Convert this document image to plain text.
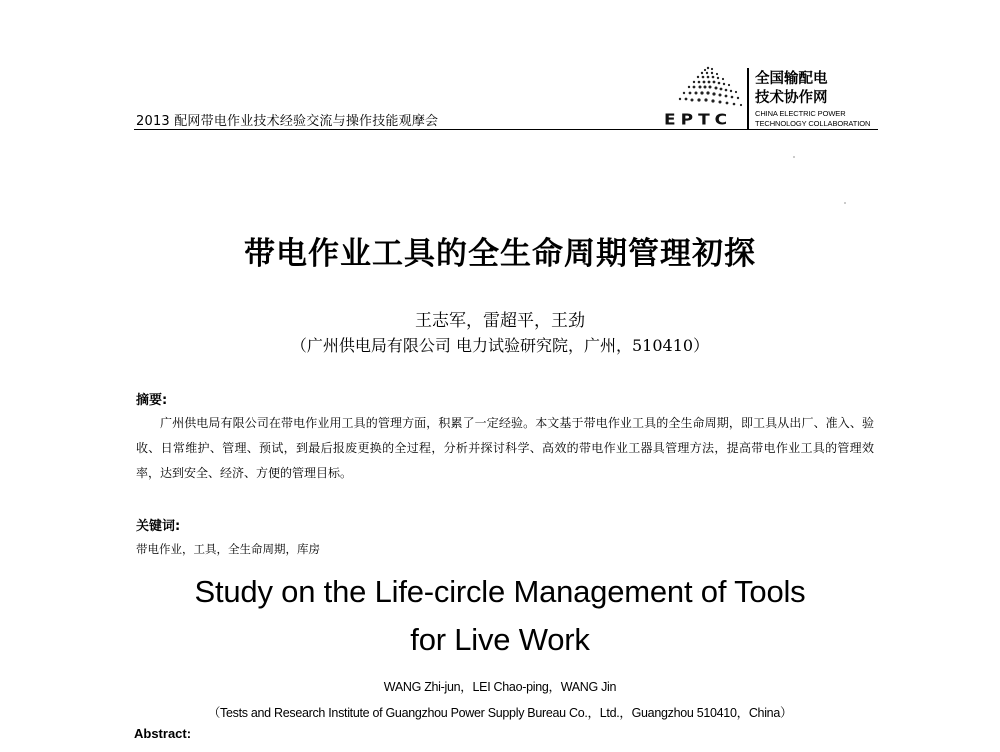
2013 配网带电作业技术经验交流与操作技能观摩会	EPTC
全国输配电
技术协作网
CHINA ELECTRIC POWER
TECHNOLOGY COLLABORATION
带电作业工具的全生命周期管理初探
王志军，雷超平，王劲
（广州供电局有限公司 电力试验研究院，广州，510410）
摘要:
广州供电局有限公司在带电作业用工具的管理方面，积累了一定经验。本文基于带电作业工具的全生命周期，即工具从出厂、准入、验收、日常维护、管理、预试，到最后报废更换的全过程，分析并探讨科学、高效的带电作业工器具管理方法，提高带电作业工具的管理效率，达到安全、经济、方便的管理目标。
关键词:
带电作业，工具，全生命周期，库房
Study on the Life-circle Management of Tools
for Live Work
WANG Zhi-jun，LEI Chao-ping，WANG Jin
（Tests and Research Institute of Guangzhou Power Supply Bureau Co.，Ltd.，Guangzhou 510410，China）
Abstract:
